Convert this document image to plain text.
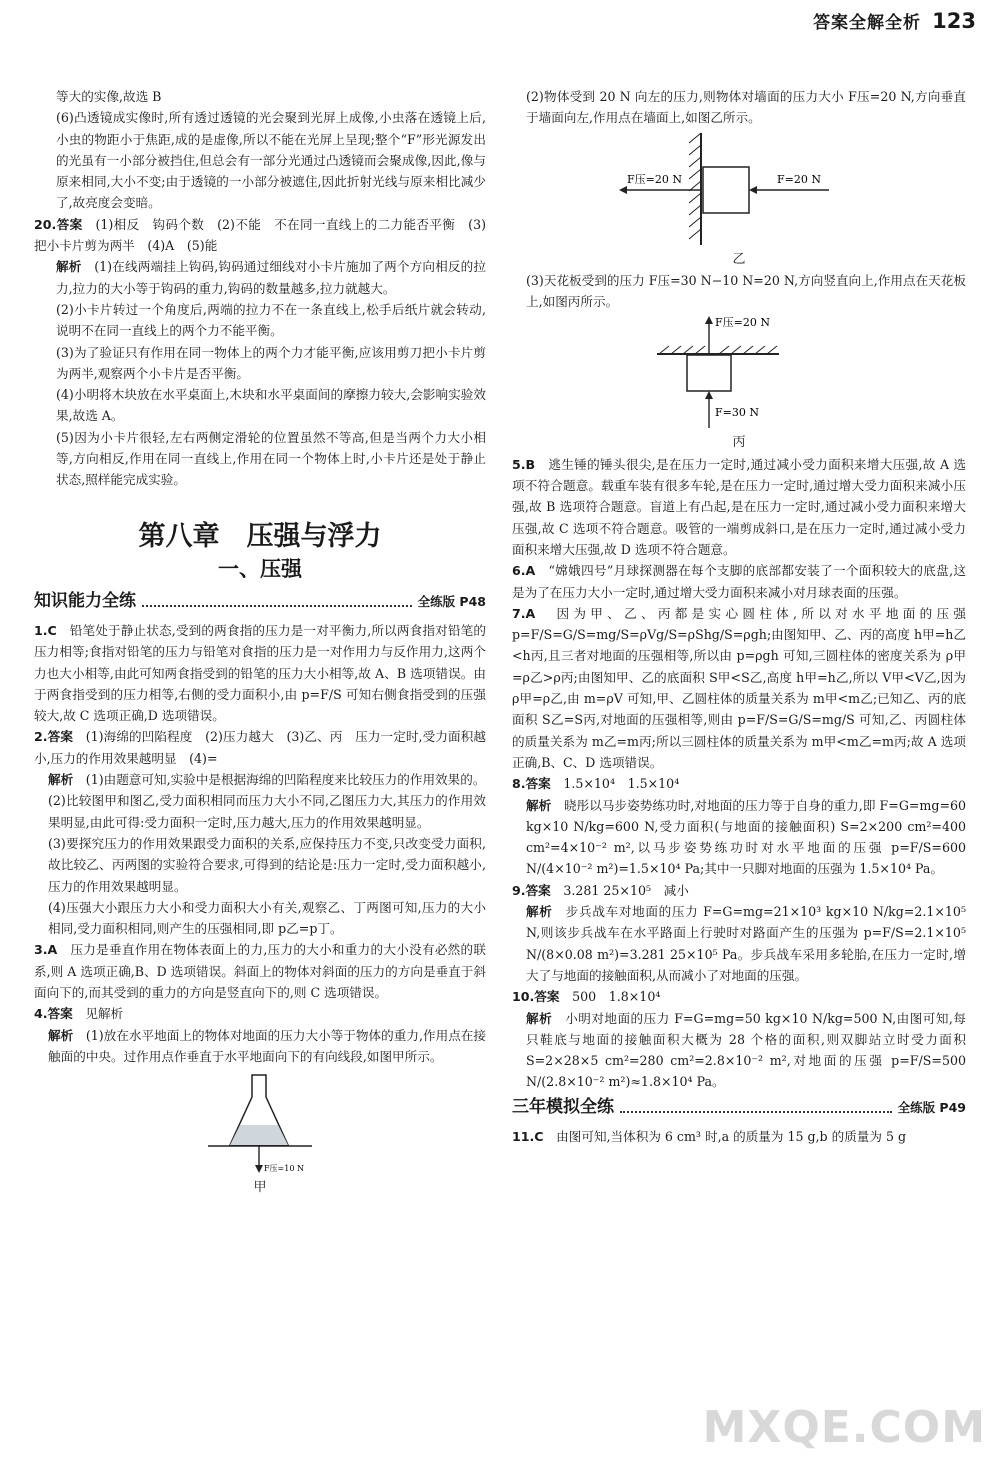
答案全解全析 123

等大的实像,故选 B

(6)凸透镜成实像时,所有透过透镜的光会聚到光屏上成像,小虫落在透镜上后,小虫的物距小于焦距,成的是虚像,所以不能在光屏上呈现;整个“F”形光源发出的光虽有一小部分被挡住,但总会有一部分光通过凸透镜而会聚成像,因此,像与原来相同,大小不变;由于透镜的一小部分被遮住,因此折射光线与原来相比减少了,故亮度会变暗。

20.答案　 (1)相反　钩码个数　(2)不能　不在同一直线上的二力能否平衡　(3)把小卡片剪为两半　(4)A　(5)能

解析　 (1)在线两端挂上钩码,钩码通过细线对小卡片施加了两个方向相反的拉力,拉力的大小等于钩码的重力,钩码的数量越多,拉力就越大。

(2)小卡片转过一个角度后,两端的拉力不在一条直线上,松手后纸片就会转动,说明不在同一直线上的两个力不能平衡。

(3)为了验证只有作用在同一物体上的两个力才能平衡,应该用剪刀把小卡片剪为两半,观察两个小卡片是否平衡。

(4)小明将木块放在水平桌面上,木块和水平桌面间的摩擦力较大,会影响实验效果,故选 A。

(5)因为小卡片很轻,左右两侧定滑轮的位置虽然不等高,但是当两个力大小相等,方向相反,作用在同一直线上,作用在同一个物体上时,小卡片还是处于静止状态,照样能完成实验。

第八章　压强与浮力
一、压强
知识能力全练	全练版 P48

1.C　 铅笔处于静止状态,受到的两食指的压力是一对平衡力,所以两食指对铅笔的压力相等;食指对铅笔的压力与铅笔对食指的压力是一对作用力与反作用力,这两个力也大小相等,由此可知两食指受到的铅笔的压力大小相等,故 A、B 选项错误。由于两食指受到的压力相等,右侧的受力面积小,由 p=F/S 可知右侧食指受到的压强较大,故 C 选项正确,D 选项错误。

2.答案　 (1)海绵的凹陷程度　(2)压力越大　(3)乙、丙　压力一定时,受力面积越小,压力的作用效果越明显　(4)=

解析　 (1)由题意可知,实验中是根据海绵的凹陷程度来比较压力的作用效果的。

(2)比较图甲和图乙,受力面积相同而压力大小不同,乙图压力大,其压力的作用效果明显,由此可得:受力面积一定时,压力越大,压力的作用效果越明显。

(3)要探究压力的作用效果跟受力面积的关系,应保持压力不变,只改变受力面积,故比较乙、丙两图的实验符合要求,可得到的结论是:压力一定时,受力面积越小,压力的作用效果越明显。

(4)压强大小跟压力大小和受力面积大小有关,观察乙、丁两图可知,压力的大小相同,受力面积相同,则产生的压强相同,即 p乙=p丁。

3.A　 压力是垂直作用在物体表面上的力,压力的大小和重力的大小没有必然的联系,则 A 选项正确,B、D 选项错误。斜面上的物体对斜面的压力的方向是垂直于斜面向下的,而其受到的重力的方向是竖直向下的,则 C 选项错误。

4.答案　 见解析

解析　 (1)放在水平地面上的物体对地面的压力大小等于物体的重力,作用点在接触面的中央。过作用点作垂直于水平地面向下的有向线段,如图甲所示。

F压=10 N
甲

(2)物体受到 20 N 向左的压力,则物体对墙面的压力大小 F压=20 N,方向垂直于墙面向左,作用点在墙面上,如图乙所示。

F压=20 N	F=20 N
乙

(3)天花板受到的压力 F压=30 N−10 N=20 N,方向竖直向上,作用点在天花板上,如图丙所示。

F压=20 N
F=30 N
丙

5.B　 逃生锤的锤头很尖,是在压力一定时,通过减小受力面积来增大压强,故 A 选项不符合题意。载重车装有很多车轮,是在压力一定时,通过增大受力面积来减小压强,故 B 选项符合题意。盲道上有凸起,是在压力一定时,通过减小受力面积来增大压强,故 C 选项不符合题意。吸管的一端剪成斜口,是在压力一定时,通过减小受力面积来增大压强,故 D 选项不符合题意。

6.A　 “嫦娥四号”月球探测器在每个支脚的底部都安装了一个面积较大的底盘,这是为了在压力大小一定时,通过增大受力面积来减小对月球表面的压强。

7.A　 因为甲、乙、丙都是实心圆柱体,所以对水平地面的压强 p=F/S=G/S=mg/S=ρVg/S=ρShg/S=ρgh;由图知甲、乙、丙的高度 h甲=h乙<h丙,且三者对地面的压强相等,所以由 p=ρgh 可知,三圆柱体的密度关系为 ρ甲=ρ乙>ρ丙;由图知甲、乙的底面积 S甲<S乙,高度 h甲=h乙,所以 V甲<V乙,因为 ρ甲=ρ乙,由 m=ρV 可知,甲、乙圆柱体的质量关系为 m甲<m乙;已知乙、丙的底面积 S乙=S丙,对地面的压强相等,则由 p=F/S=G/S=mg/S 可知,乙、丙圆柱体的质量关系为 m乙=m丙;所以三圆柱体的质量关系为 m甲<m乙=m丙;故 A 选项正确,B、C、D 选项错误。

8.答案　 1.5×10⁴　1.5×10⁴

解析　 晓彤以马步姿势练功时,对地面的压力等于自身的重力,即 F=G=mg=60 kg×10 N/kg=600 N,受力面积(与地面的接触面积) S=2×200 cm²=400 cm²=4×10⁻² m²,以马步姿势练功时对水平地面的压强 p=F/S=600 N/(4×10⁻² m²)=1.5×10⁴ Pa;其中一只脚对地面的压强为 1.5×10⁴ Pa。

9.答案　 3.281 25×10⁵　减小

解析　 步兵战车对地面的压力 F=G=mg=21×10³ kg×10 N/kg=2.1×10⁵ N,则该步兵战车在水平路面上行驶时对路面产生的压强为 p=F/S=2.1×10⁵ N/(8×0.08 m²)=3.281 25×10⁵ Pa。步兵战车采用多轮胎,在压力一定时,增大了与地面的接触面积,从而减小了对地面的压强。

10.答案　 500　1.8×10⁴

解析　 小明对地面的压力 F=G=mg=50 kg×10 N/kg=500 N,由图可知,每只鞋底与地面的接触面积大概为 28 个格的面积,则双脚站立时受力面积 S=2×28×5 cm²=280 cm²=2.8×10⁻² m²,对地面的压强 p=F/S=500 N/(2.8×10⁻² m²)≈1.8×10⁴ Pa。

三年模拟全练	全练版 P49

11.C　 由图可知,当体积为 6 cm³ 时,a 的质量为 15 g,b 的质量为 5 g

MXQE.COM
